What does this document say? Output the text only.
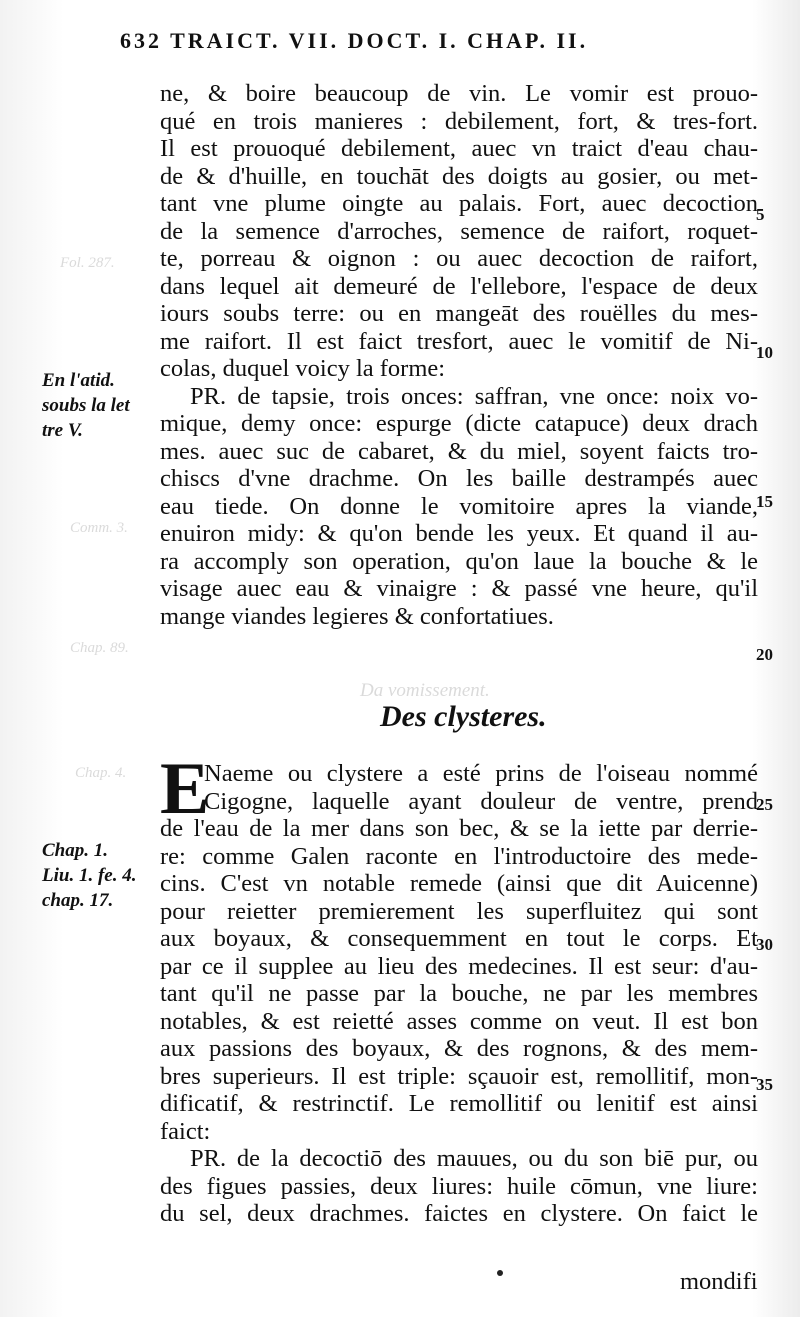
Fol. 287.
Comm. 3.
Chap. 89.
Chap. 4.
Da vomissement.
632 TRAICT. VII. DOCT. I. CHAP. II.
ne, & boire beaucoup de vin. Le vomir est prouo-
qué en trois manieres : debilement, fort, & tres-fort.
Il est prouoqué debilement, auec vn traict d'eau chau-
de & d'huille, en touchāt des doigts au gosier, ou met-
tant vne plume oingte au palais. Fort, auec decoction
de la semence d'arroches, semence de raifort, roquet-
te, porreau & oignon : ou auec decoction de raifort,
dans lequel ait demeuré de l'ellebore, l'espace de deux
iours soubs terre: ou en mangeāt des rouëlles du mes-
me raifort. Il est faict tresfort, auec le vomitif de Ni-
colas, duquel voicy la forme:
PR. de tapsie, trois onces: saffran, vne once: noix vo-
mique, demy once: espurge (dicte catapuce) deux drach
mes. auec suc de cabaret, & du miel, soyent faicts tro-
chiscs d'vne drachme. On les baille destrampés auec
eau tiede. On donne le vomitoire apres la viande,
enuiron midy: & qu'on bende les yeux. Et quand il au-
ra accomply son operation, qu'on laue la bouche & le
visage auec eau & vinaigre : & passé vne heure, qu'il
mange viandes legieres & confortatiues.
Des clysteres.
E
Naeme ou clystere a esté prins de l'oiseau nommé
Cigogne, laquelle ayant douleur de ventre, prend
de l'eau de la mer dans son bec, & se la iette par derrie-
re: comme Galen raconte en l'introductoire des mede-
cins. C'est vn notable remede (ainsi que dit Auicenne)
pour reietter premierement les superfluitez qui sont
aux boyaux, & consequemment en tout le corps. Et
par ce il supplee au lieu des medecines. Il est seur: d'au-
tant qu'il ne passe par la bouche, ne par les membres
notables, & est reietté asses comme on veut. Il est bon
aux passions des boyaux, & des rognons, & des mem-
bres superieurs. Il est triple: sçauoir est, remollitif, mon-
dificatif, & restrinctif. Le remollitif ou lenitif est ainsi
faict:
PR. de la decoctiō des mauues, ou du son biē pur, ou
des figues passies, deux liures: huile cōmun, vne liure:
du sel, deux drachmes. faictes en clystere. On faict le
mondifi
En l'atid.
soubs la let
tre V.
Chap. 1.
Liu. 1. fe. 4.
chap. 17.
5
10
15
20
25
30
35
